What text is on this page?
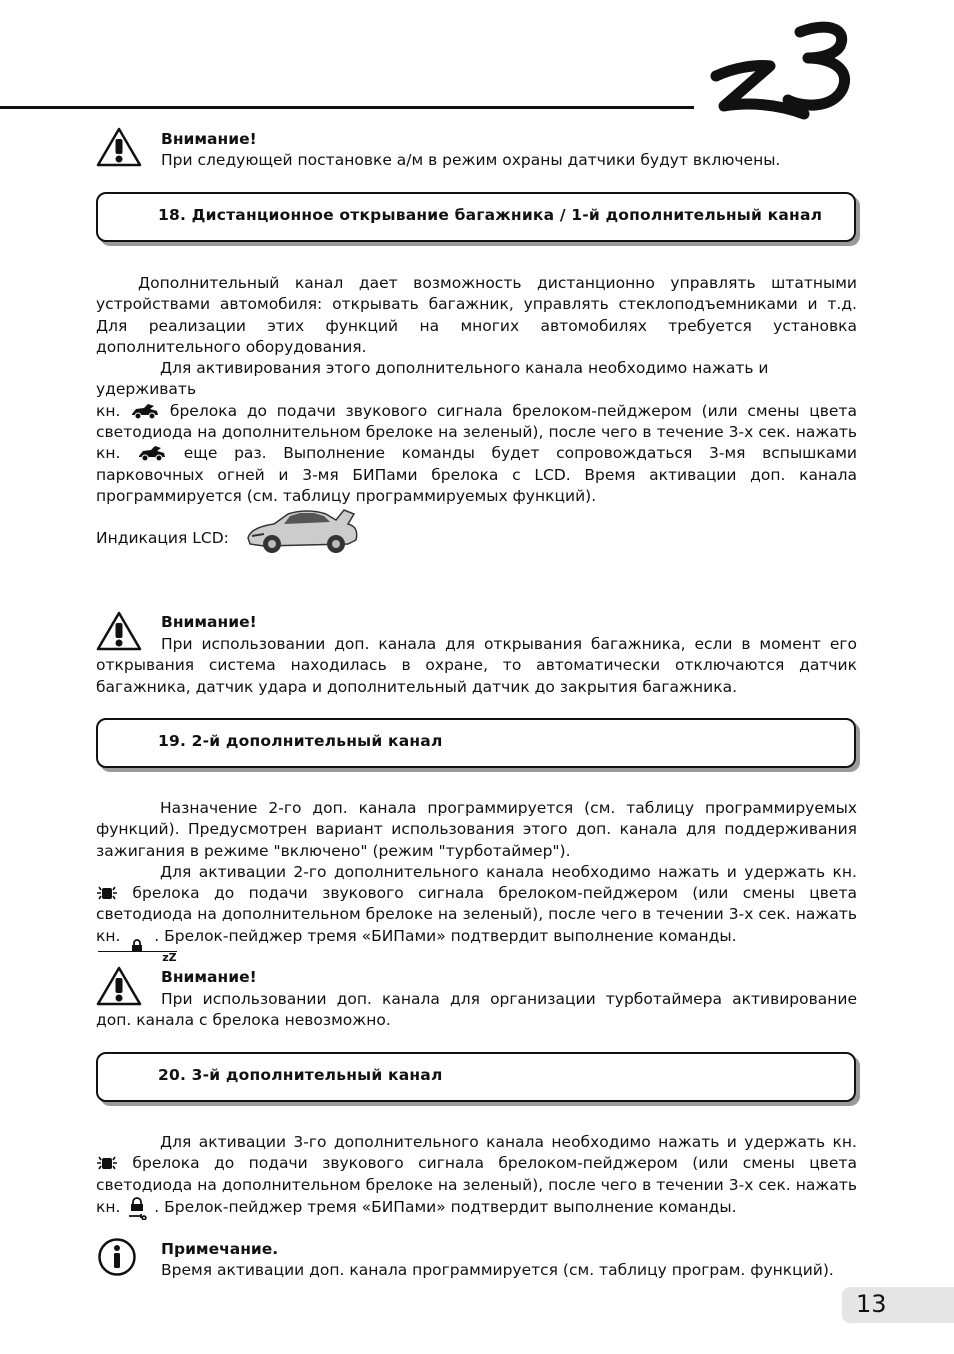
Внимание!
При следующей постановке а/м в режим охраны датчики будут включены.
18. Дистанционное открывание багажника / 1-й дополнительный канал

Дополнительный канал дает возможность дистанционно управлять штатными устройствами автомобиля: открывать багажник, управлять стеклоподъемниками и т.д. Для реализации этих функций на многих автомобилях требуется установка дополнительного оборудования.

Для активирования этого дополнительного канала необходимо нажать и удерживать

кн.	брелока до подачи звукового сигнала брелоком-пейджером (или смены цвета светодиода на дополнительном брелоке на зеленый), после чего в течение 3-х сек. нажать кн.	еще раз. Выполнение команды будет сопровождаться 3-мя вспышками парковочных огней и 3-мя БИПами брелока с LCD. Время активации доп. канала программируется (см. таблицу программируемых функций).

Индикация LCD:
Внимание!
При использовании доп. канала для открывания багажника, если в момент его открывания система находилась в охране, то автоматически отключаются датчик багажника, датчик удара и дополнительный датчик до закрытия багажника.
19. 2-й дополнительный канал

Назначение 2-го доп. канала программируется (см. таблицу программируемых функций). Предусмотрен вариант использования этого доп. канала для поддерживания зажигания в режиме "включено" (режим "турботаймер").

Для активации 2-го дополнительного канала необходимо нажать и удержать кн.  брелока до подачи звукового сигнала брелоком-пейджером (или смены цвета светодиода на дополнительном брелоке на зеленый), после чего в течении 3-х сек. нажать кн.
zZ
. Брелок-пейджер тремя «БИПами» подтвердит выполнение команды.

Внимание!
При использовании доп. канала для организации турботаймера активирование доп. канала с брелока невозможно.
20. 3-й дополнительный канал

Для активации 3-го дополнительного канала необходимо нажать и удержать кн.  брелока до подачи звукового сигнала брелоком-пейджером (или смены цвета светодиода на дополнительном брелоке на зеленый), после чего в течении 3-х сек. нажать кн.  . Брелок-пейджер тремя «БИПами» подтвердит выполнение команды.

Примечание.
Время активации доп. канала программируется (см. таблицу програм. функций).
13
